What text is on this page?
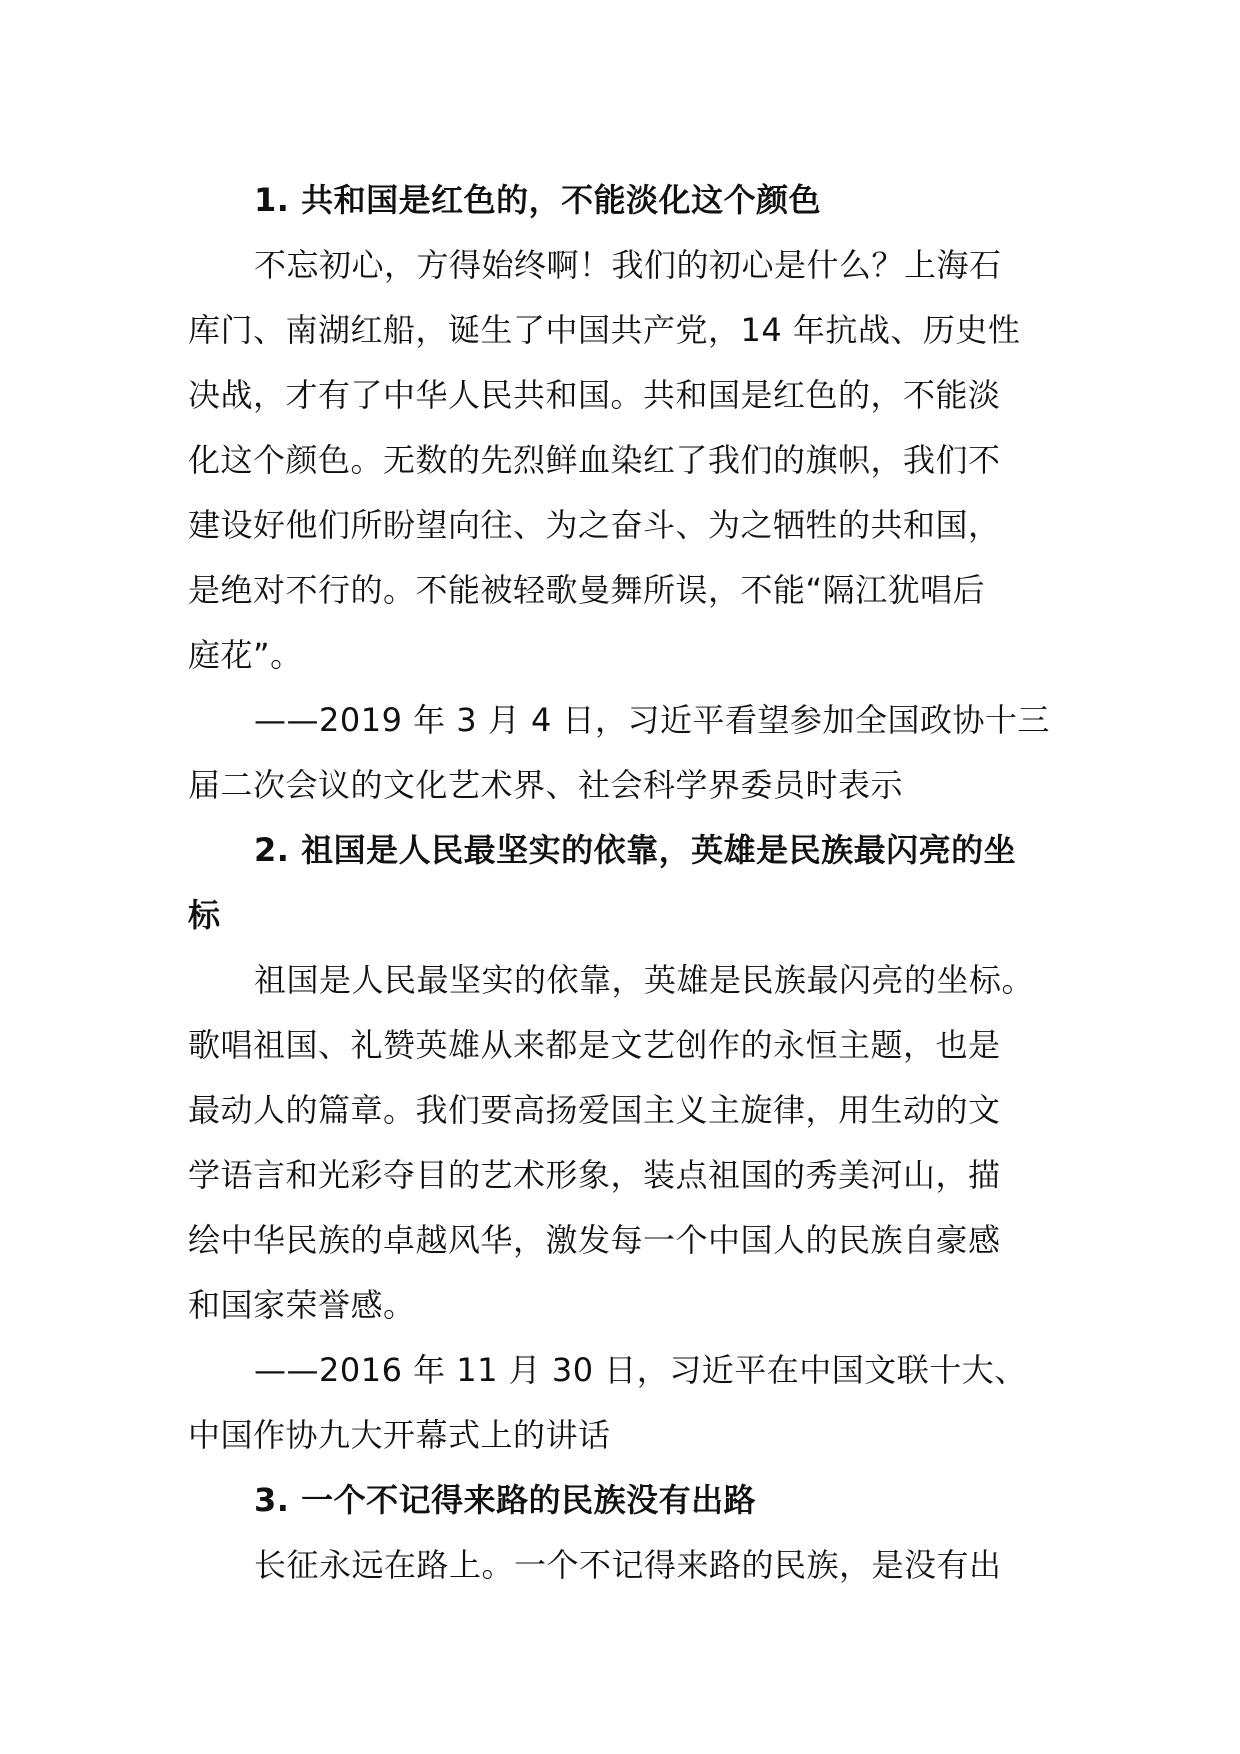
1. 共和国是红色的，不能淡化这个颜色
不忘初心，方得始终啊！我们的初心是什么？上海石
库门、南湖红船，诞生了中国共产党，14 年抗战、历史性
决战，才有了中华人民共和国。共和国是红色的，不能淡
化这个颜色。无数的先烈鲜血染红了我们的旗帜，我们不
建设好他们所盼望向往、为之奋斗、为之牺牲的共和国，
是绝对不行的。不能被轻歌曼舞所误，不能“隔江犹唱后
庭花”。
——2019 年 3 月 4 日，习近平看望参加全国政协十三
届二次会议的文化艺术界、社会科学界委员时表示
2. 祖国是人民最坚实的依靠，英雄是民族最闪亮的坐
标
祖国是人民最坚实的依靠，英雄是民族最闪亮的坐标。
歌唱祖国、礼赞英雄从来都是文艺创作的永恒主题，也是
最动人的篇章。我们要高扬爱国主义主旋律，用生动的文
学语言和光彩夺目的艺术形象，装点祖国的秀美河山，描
绘中华民族的卓越风华，激发每一个中国人的民族自豪感
和国家荣誉感。
——2016 年 11 月 30 日，习近平在中国文联十大、
中国作协九大开幕式上的讲话
3. 一个不记得来路的民族没有出路
长征永远在路上。一个不记得来路的民族，是没有出
